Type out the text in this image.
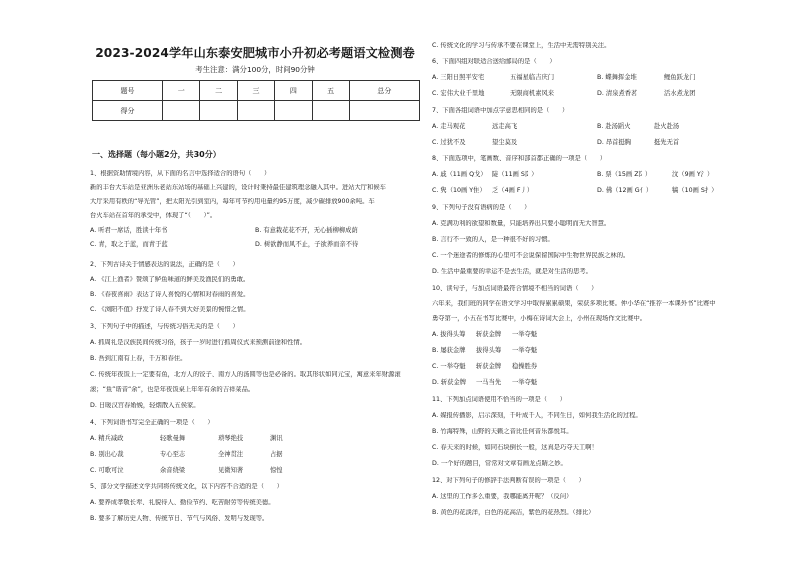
2023-2024学年山东泰安肥城市小升初必考题语文检测卷
考生注意：满分100分，时间90分钟
题号	一	二	三	四	五	总分
得分						
一、选择题（每小题2分，共30分）
1、根据资助情境内容，从下面的名言中选择适合的语句（　　）
新的丰台大车站是亚洲乐老站东站场的基础上兴建的，设计时秉持最佳建筑理念融入其中。进站大厅和候车
大厅采用有秩的“导光管”，把太阳光引到室内，每年可节约用电量约95万度，减少碳排放900余吨。车
台火车站在首年的承受中，体现了“（　　）”。
A. 听君一席话，胜读十年书	B. 有意栽花花不开，无心插柳柳成荫
C. 青，取之于蓝，而青于蓝	D. 树欲静而风不止，子欲养而亲不待
2、下列古诗关于情感表达的说法，正确的是（　　）
A. 《江上渔者》赞颂了鲈鱼味道的鲜美及渔民们的勇敢。
B. 《春夜喜雨》表达了诗人喜悦的心情和对春雨的喜爱。
C. 《浏阳不值》抒发了诗人春不到大好美景的惋惜之情。
3、下列句子中的描述，与传统习俗无关的是（　　）
A. 抓周礼是汉族民间传统习俗，孩子一岁时进行抓周仪式来预测前途和性情。
B. 吾到江南有上春，千万和春住。
C. 传统年夜饭上一定要有鱼，北方人的饺子、南方人的汤圆等也是必备的。取其形状如同元宝，寓意来年财源滚
滚；“鱼”谐音“余”，也是年夜饭桌上年年有余的吉祥菜品。
D. 日暖汉宫春婚娩，轻烟散入五侯家。
4、下列词语书写完全正确的一项是（　　）
A. 精兵减政	轻歌曼舞	琐琴绝技	渊讯
B. 别出心裁	专心至志	全神贯注	占据
C. 可歌可泣	余音绕梁	见微知著	惊惶
5、部分文学描述文学共同将传统文化，以下内容不合适的是（　　）
A. 要养成孝敬长辈、礼貌待人、勤俭节约、吃苦耐劳等传统美德。
B. 要多了解历史人物、传统节日、节气与风俗、发明与发现等。
C. 传统文化的学习与传承不要在课堂上，生活中无需特别关注。
6、下面四组对联适合送给邮局的是（　　）
A. 三阳日照平安宅	五福星临吉庆门	B. 蝶舞挥金堆	鲤鱼跃龙门
C. 宏伟大业千里地	无限商机素风来	D. 清泉煮香茗	活水煮龙团
7、下面各组词语中加点字意思相同的是（　　）
A. 走马观花	远走高飞	B. 赴汤蹈火	赴火赴汤
C. 过犹不及	望尘莫及	D. 昂首挺胸	挺先无首
8、下面选项中，笔画数、音序和部首都正确的一项是（　　）
A. 戚（11画 Q戈） 陡（11画 S阝）	B. 票（15画 Z阝）	汶（9画 Y氵）
C. 隽（10画 Y隹） 乏（4画 F丿）	D. 佛（12画 G亻）	犒（10画 S扌）
9、下列句子没有语病的是（　　）
A. 克满功利的欲望和数量，只能培养出只要小聪明而无大智慧。
B. 言行不一致的人，是一种很不好的习惯。
C. 一个迷途者的修炼的心里可不会说保留国际中生物世界民族之林的。
D. 生活中最重要的幸运不是去生活，就是对生活的思考。
10、读句子，与加点词语最符合情境不相当的词语（　　）
六年来，我们班的同学在语文学习中取得累累硕果，荣获多项比赛。仲小华在“推荐一本课外书”比赛中
勇夺第一，小五在书写比赛中，小梅在诗词大会上，小州在现场作文比赛中。
A. 拔得头筹 斩获金牌 一举夺魁
B. 屡获金牌 拔得头筹 一举夺魁
C. 一举夺魁 斩获金牌 稳操胜券
D. 斩获金牌 一马当先 一举夺魁
11、下列加点词语使用不恰当的一项是（　　）
A. 媒报传播影，启示深刻，千叶成千人，不同生日，如何我生活化的过程。
B. 竹海特殊，山野的天籁之音比任何音乐都悦耳。
C. 春天来的时候，如同石块倒长一般，这真是巧夺天工啊！
D. 一个好的题目，常常对文章有画龙点睛之妙。
12、对下列句子的修辞手法判断有误的一项是（　　）
A. 这里的工作多么重要，我哪能离开呢？（反问）
B. 黄色的花淡洋，白色的花高洁，紫色的花热烈。（排比）
